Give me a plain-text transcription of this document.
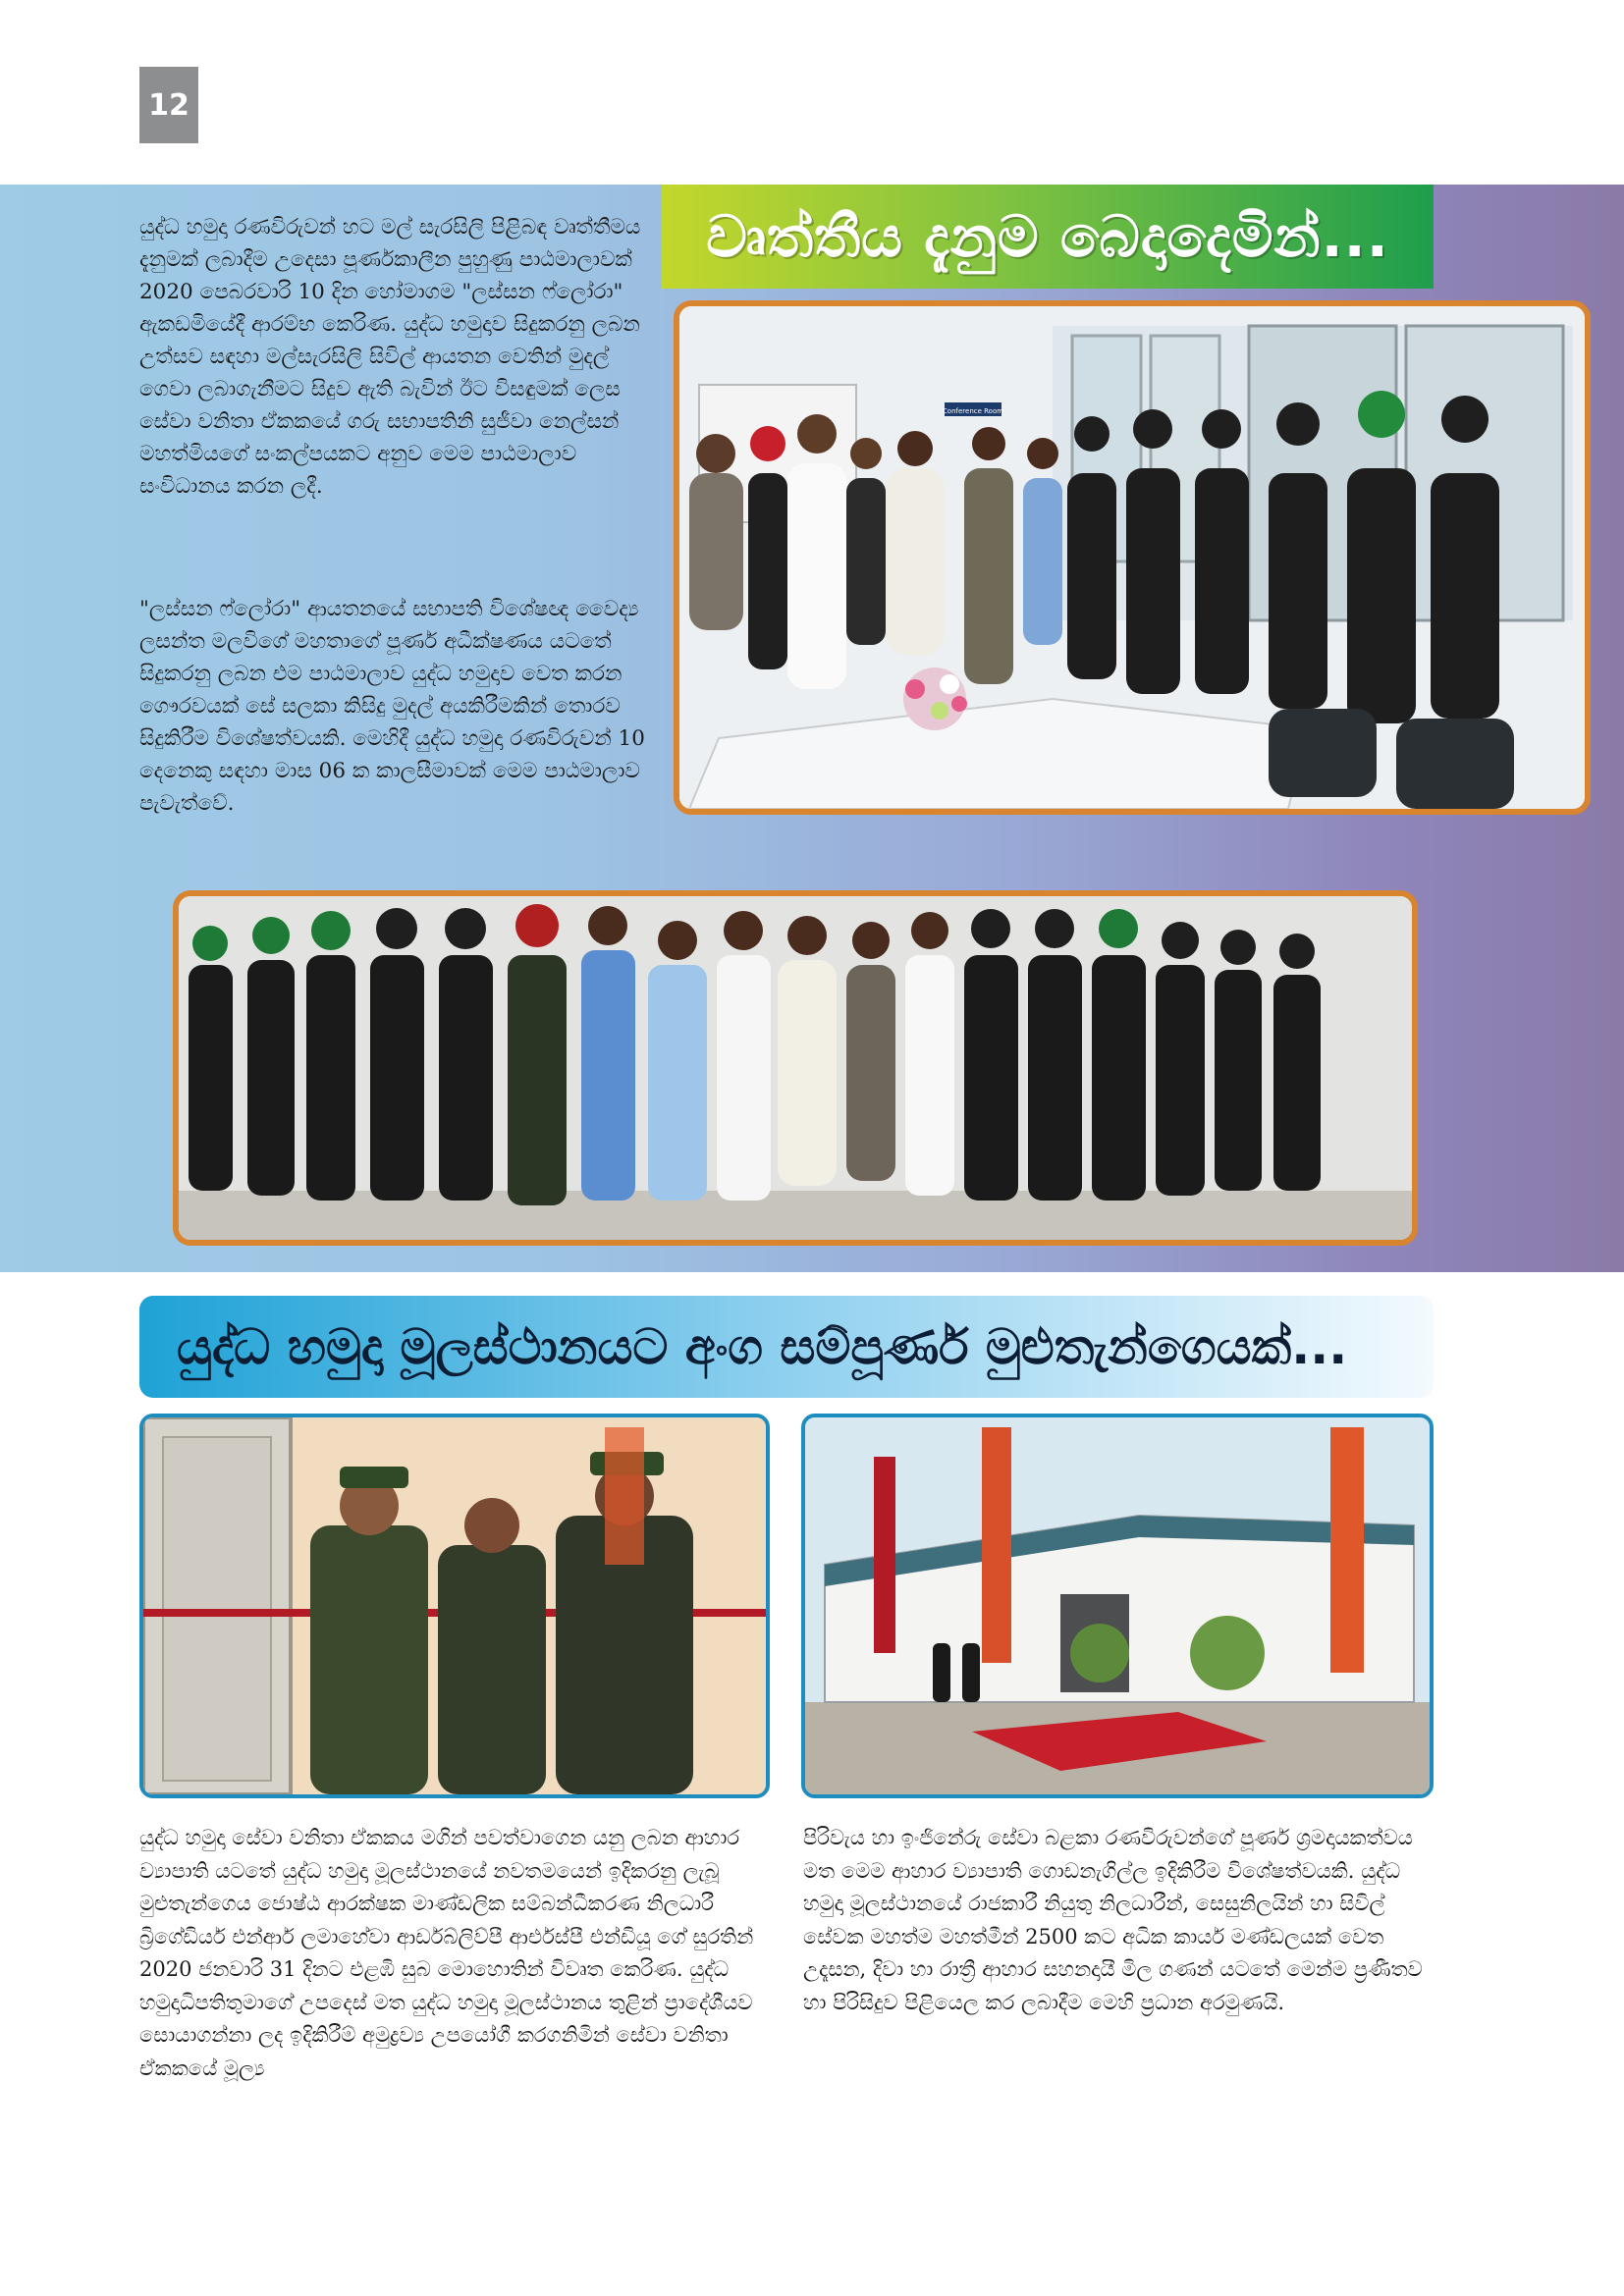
12
වෘත්තීය දැනුම බෙදාදෙමින්...

යුද්ධ හමුදා රණවිරුවන් හට මල් සැරසිලි පිළිබඳ වෘත්තීමය දැනුමක් ලබාදීම උදෙසා පූර්ණකාලීන පුහුණු පාඨමාලාවක් 2020 පෙබරවාරි 10 දින හෝමාගම "ලස්සන ෆ්ලෝරා" ඇකඩමියේදී ආරම්භ කෙරිණ. යුද්ධ හමුදාව සිදුකරනු ලබන උත්සව සඳහා මල්සැරසිලි සිවිල් ආයතන වෙතින් මුදල් ගෙවා ලබාගැනීමට සිදුව ඇති බැවින් ඊට විසඳුමක් ලෙස සේවා වනිතා ඒකකයේ ගරු සභාපතිනි සුජීවා නෙල්සන් මහත්මියගේ සංකල්පයකට අනුව මෙම පාඨමාලාව සංවිධානය කරන ලදී.

"ලස්සන ෆ්ලෝරා" ආයතනයේ සභාපති විශේෂඥ වෛද්‍ය ලසන්ත මලවිගේ මහතාගේ පූර්ණ අධීක්ෂණය යටතේ සිදුකරනු ලබන එම පාඨමාලාව යුද්ධ හමුදාව වෙත කරන ගෞරවයක් සේ සලකා කිසිදු මුදල් අයකිරීමකින් තොරව සිදුකිරීම විශේෂත්වයකි. මෙහිදී යුද්ධ හමුදා රණවිරුවන් 10 දෙනෙකු සඳහා මාස 06 ක කාලසීමාවක් මෙම පාඨමාලාව පැවැත්වේ.

Conference Room
යුද්ධ හමුදා මූලස්ථානයට අංග සම්පූර්ණ මුළුතැන්ගෙයක්...

යුද්ධ හමුදා සේවා වනිතා ඒකකය මගින් පවත්වාගෙන යනු ලබන ආහාර ව්‍යාපාති යටතේ යුද්ධ හමුදා මූලස්ථානයේ නවතමයෙන් ඉදිකරනු ලැබූ මුළුතැන්ගෙය ජොෂ්ඨ ආරක්ෂක මාණ්ඩලික සම්බන්ධීකරණ නිලධාරී බ්‍රිගේඩියර් එන්ආර් ලමාහේවා ආර්ඩබ්ලිව්පී ආර්එස්පී එන්ඩියූ ගේ සුරතින් 2020 ජනවාරි 31 දිනට එළඹි සුබ මොහොතින් විවෘත කෙරිණ. යුද්ධ හමුදාධිපතිතුමාගේ උපදෙස් මත යුද්ධ හමුදා මූලස්ථානය තුළින් ප්‍රාදේශීයව සොයාගන්නා ලද ඉදිකිරීම් අමුද්‍රව්‍ය උපයෝගී කරගනිමින් සේවා වනිතා ඒකකයේ මූල්‍ය

පිරිවැය හා ඉංජිනේරු සේවා බළකා රණවිරුවන්ගේ පූර්ණ ශ්‍රමදායකත්වය මත මෙම ආහාර ව්‍යාපාති ගොඩනැගිල්ල ඉදිකිරීම විශේෂත්වයකි. යුද්ධ හමුදා මූලස්ථානයේ රාජකාරී නියුතු නිලධාරීන්, සෙසුනිලයින් හා සිවිල් සේවක මහත්ම මහත්මීන් 2500 කට අධික කාර්ය මණ්ඩලයක් වෙත උදෑසන, දිවා හා රාත්‍රී ආහාර සහනදායී මිල ගණන් යටතේ මෙන්ම ප්‍රණීතව හා පිරිසිදුව පිළියෙල කර ලබාදීම මෙහි ප්‍රධාන අරමුණයි.
